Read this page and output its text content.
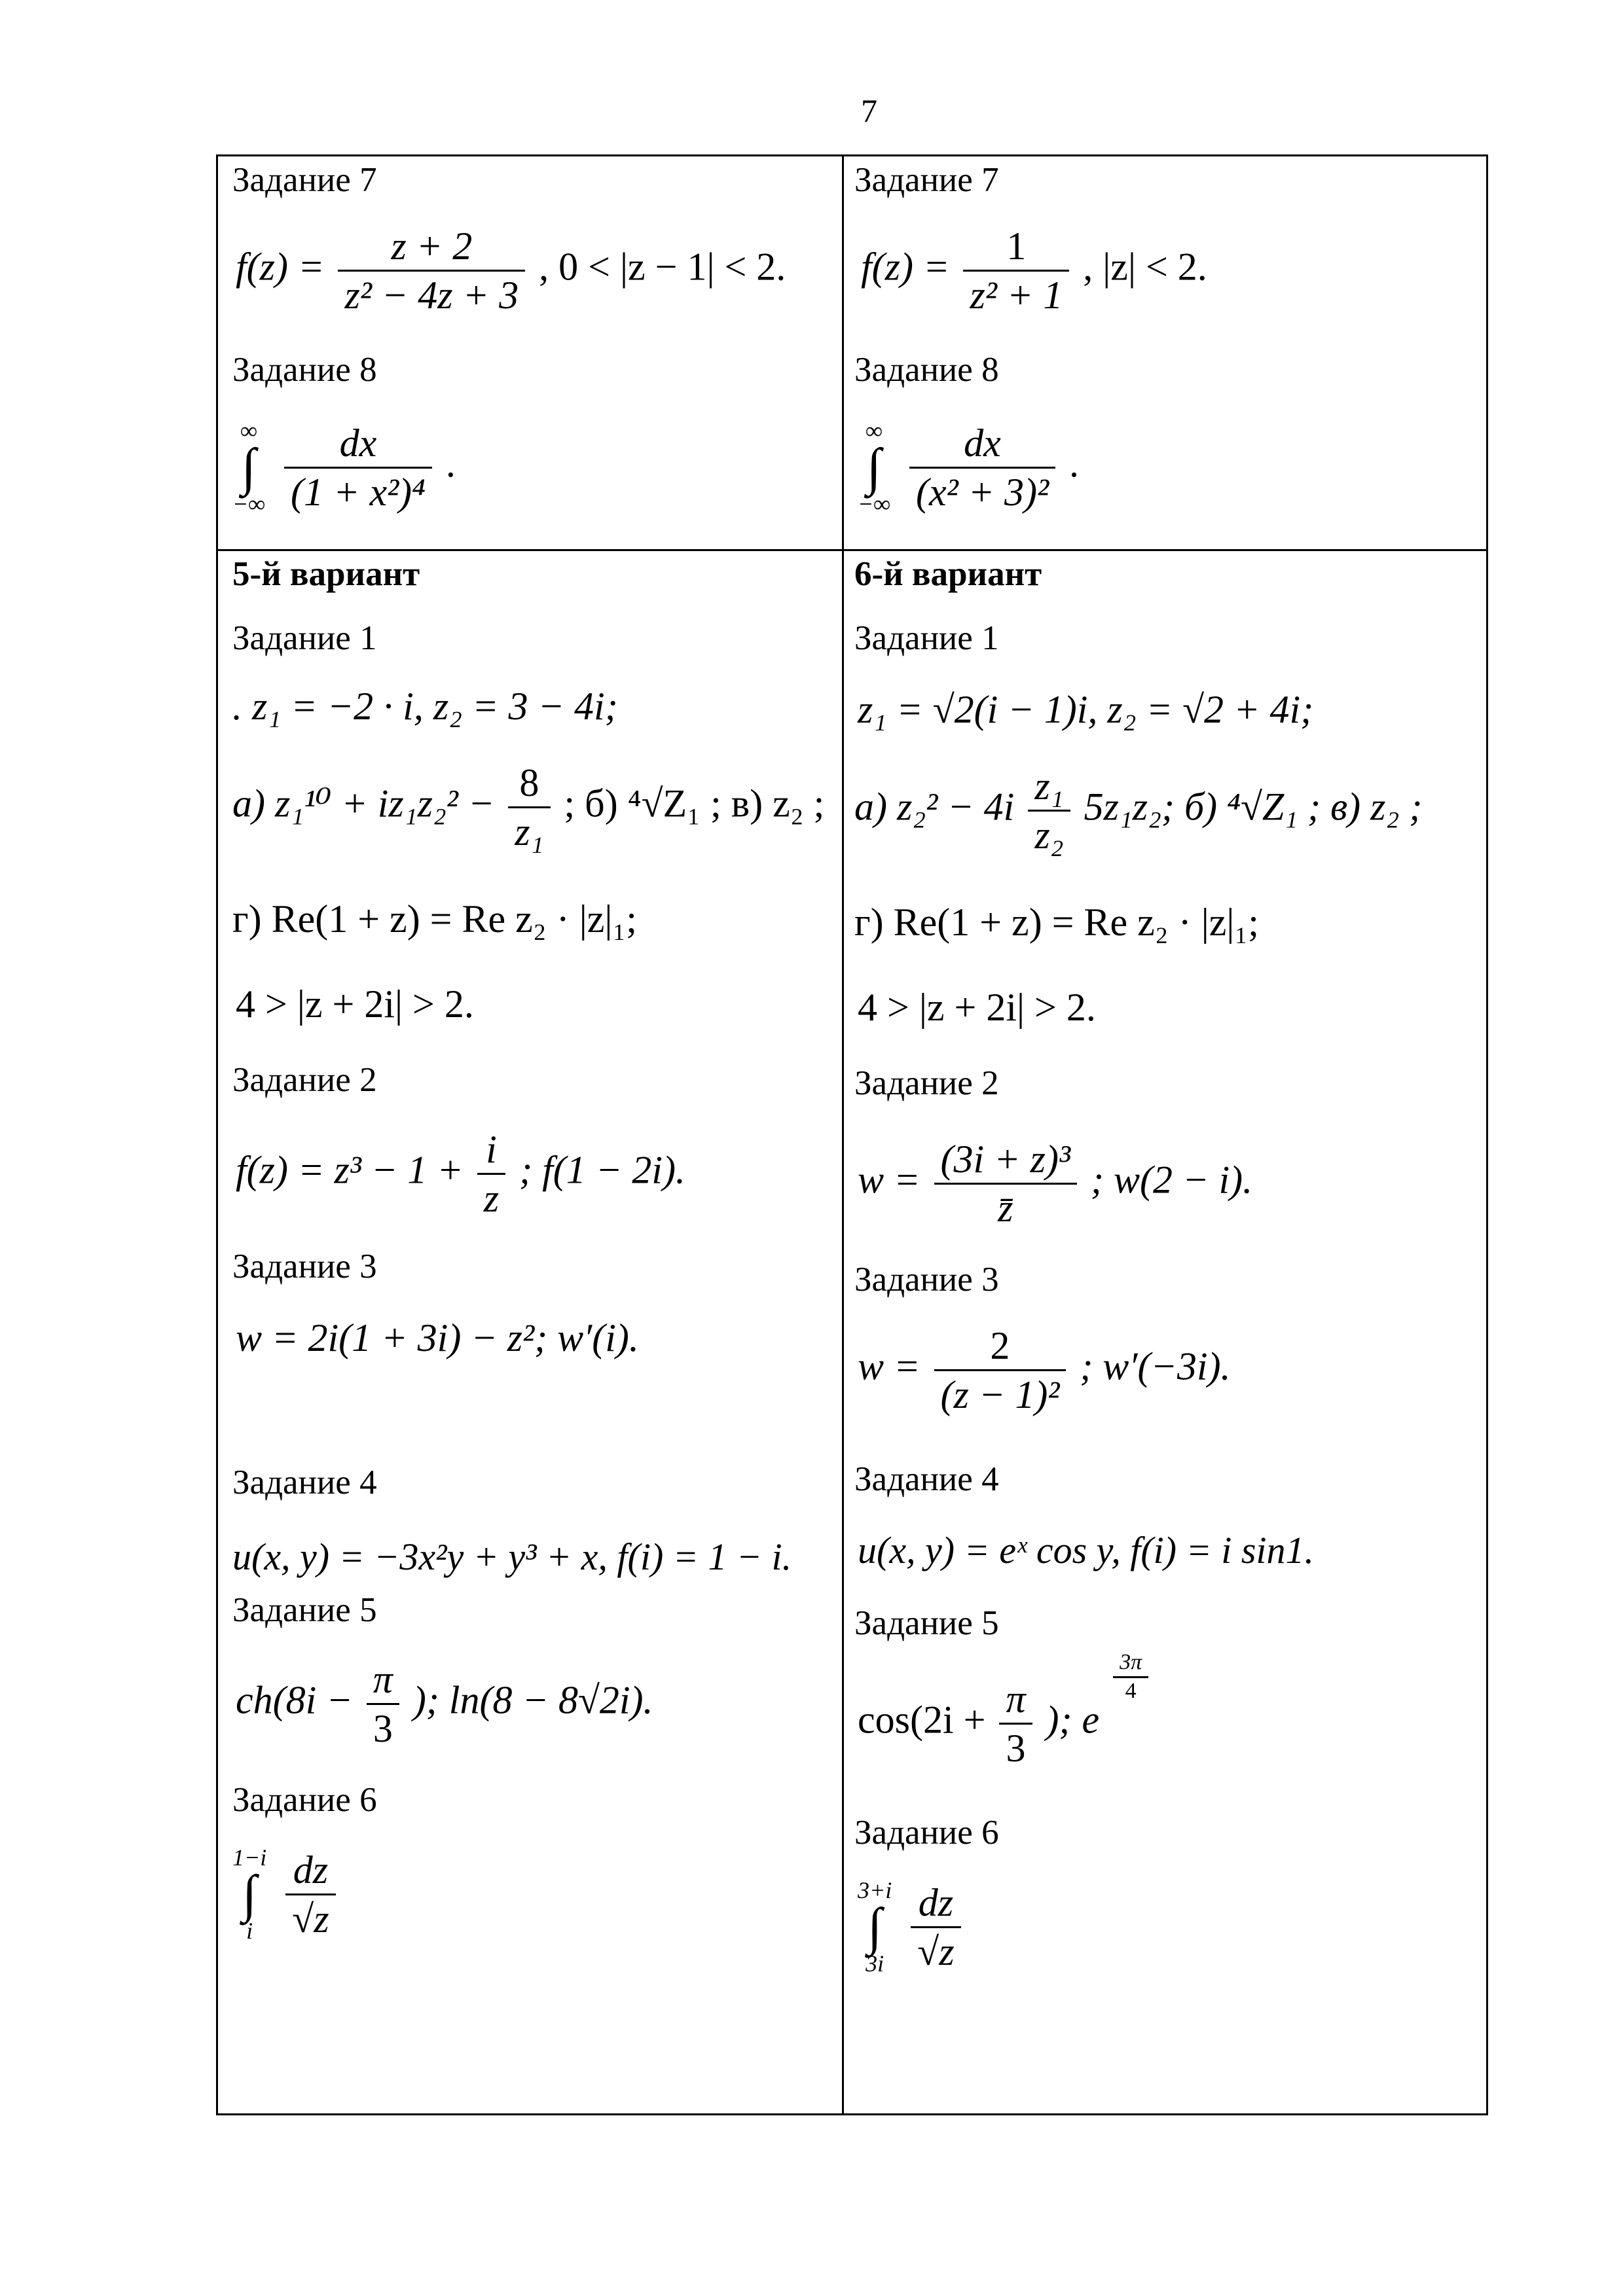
7
Задание 7
$f(z) = \frac{z + 2}{\text{z² − 4z + 3}}$ , 0 < |z − 1| < 2.
Задание 8
∞
∫
−∞
$\frac{dx}{\text{(1 + x²)⁴}}$ .
Задание 7
$f(z) = \frac{1}{\text{z² + 1}}$ , |z| < 2.
Задание 8
∞
∫
−∞
$\frac{dx}{\text{(x² + 3)²}}$ .
5-й вариант
Задание 1
. z₁ = −2 · i, z₂ = 3 − 4i;
а) $z_1^{10} + iz_1z_2^2 - \frac{8}{\text{z₁}}$ ; б) ⁴√Z₁ ; в) z₂ ;
г) Re(1 + z) = Re z₂ · |z|₁;
4 > |z + 2i| > 2.
Задание 2
$f(z) = z^3 - 1 + \frac{i}{z}$ ; f(1 − 2i).
Задание 3
w = 2i(1 + 3i) − z²; w′(i).
Задание 4
u(x, y) = −3x²y + y³ + x, f(i) = 1 − i.
Задание 5
$ch(8i - \frac{\pi}{3}$ ); ln(8 − 8√2i).
Задание 6
1−i
∫
i
$\frac{dz}{√z}$
6-й вариант
Задание 1
z₁ = √2(i − 1)i, z₂ = √2 + 4i;
а) $z_2^2 - 4i \frac{\text{z₁}}{\text{z₂}} 5z_1z_2$; б) ⁴√Z₁ ; в) z₂ ;
г) Re(1 + z) = Re z₂ · |z|₁;
4 > |z + 2i| > 2.
Задание 2
$w = \frac{\text{(3i + z)³}}{z̄}$ ; w(2 − i).
Задание 3
$w = \frac{2}{\text{(z − 1)²}}$ ; w′(−3i).
Задание 4
u(x, y) = eˣ cos y, f(i) = i sin1.
Задание 5
$\cos(2i + \frac{\pi}{3}$ ); e
$\frac{3\pi}{4}$
Задание 6
3+i
∫
3i
$\frac{dz}{√z}$
